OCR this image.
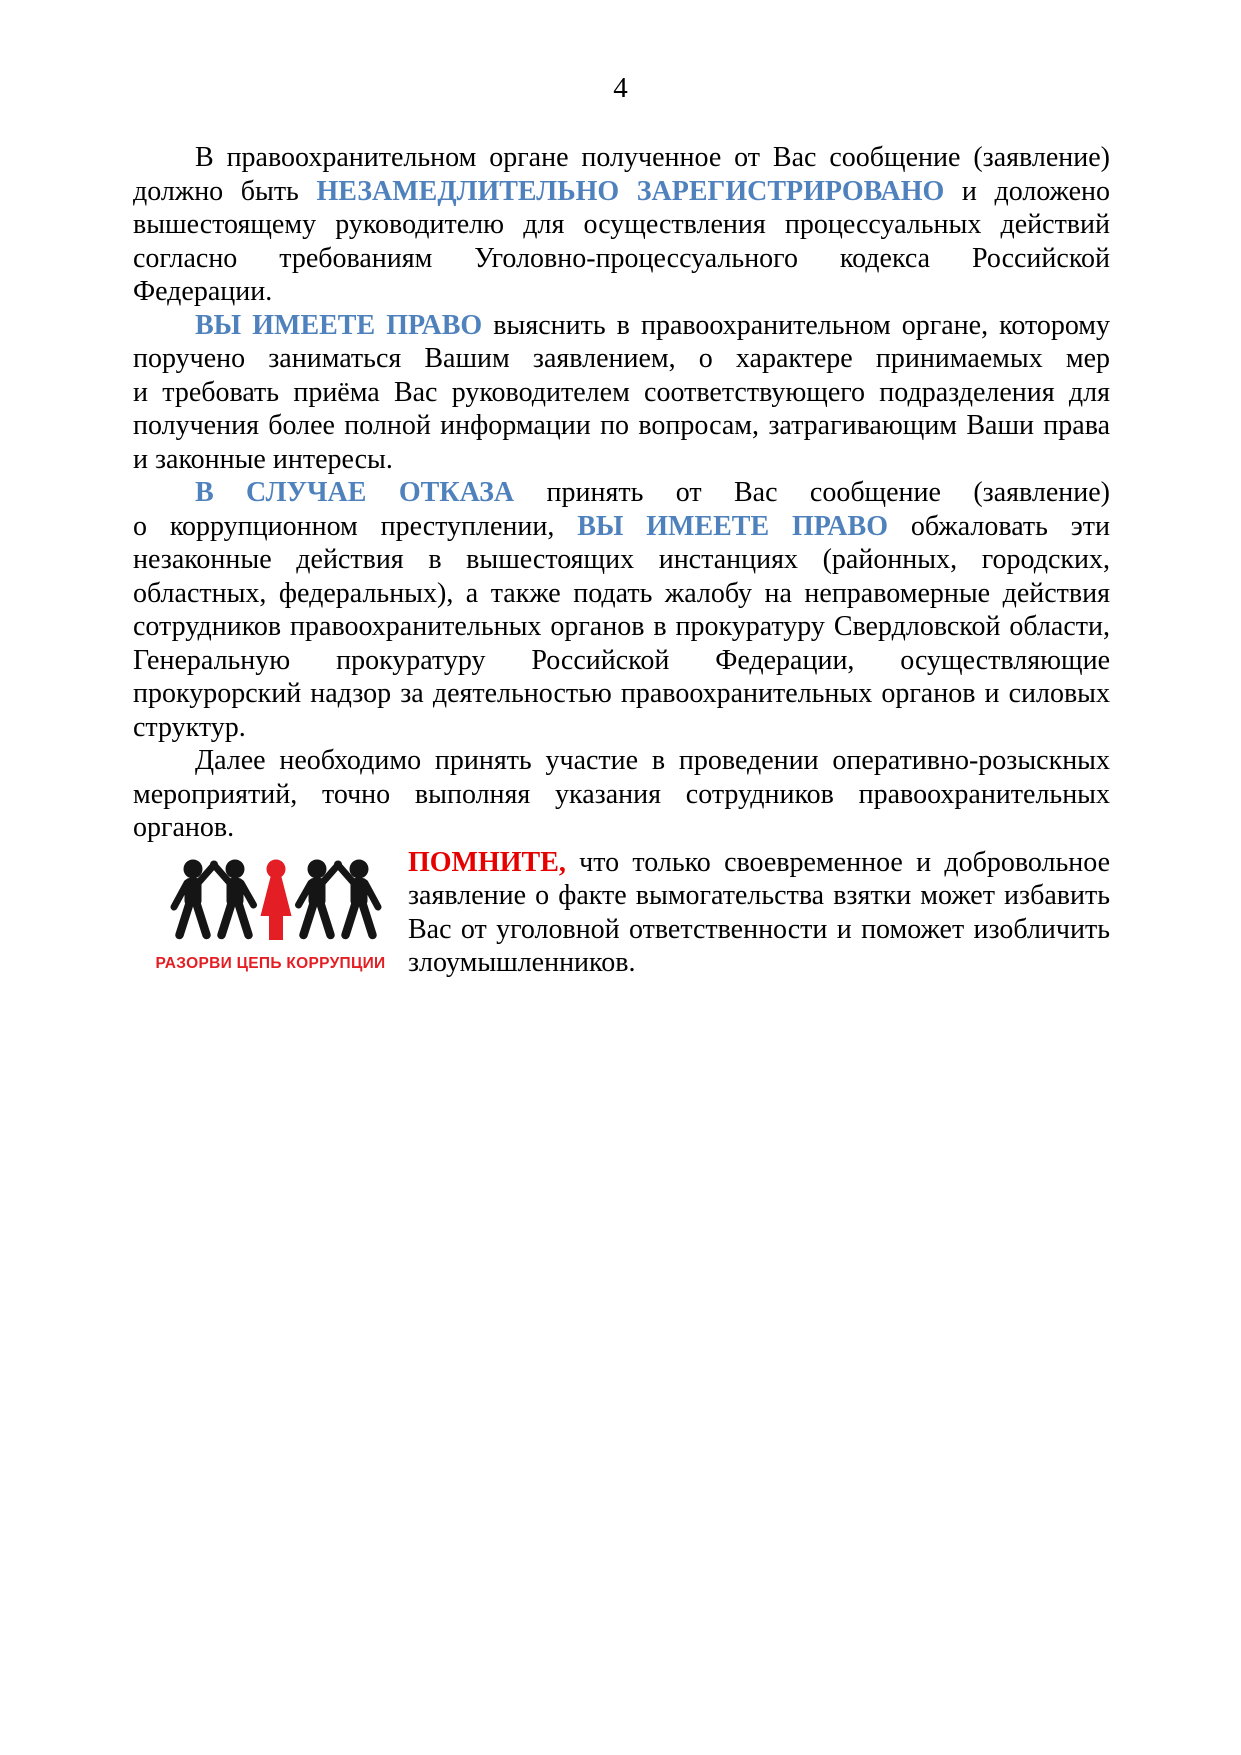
4
В правоохранительном органе полученное от Вас сообщение (заявление)
должно быть НЕЗАМЕДЛИТЕЛЬНО ЗАРЕГИСТРИРОВАНО и доложено
вышестоящему руководителю для осуществления процессуальных действий
согласно требованиям Уголовно-процессуального кодекса Российской
Федерации.
ВЫ ИМЕЕТЕ ПРАВО выяснить в правоохранительном органе, которому
поручено заниматься Вашим заявлением, о характере принимаемых мер
и требовать приёма Вас руководителем соответствующего подразделения для
получения более полной информации по вопросам, затрагивающим Ваши права
и законные интересы.
В СЛУЧАЕ ОТКАЗА принять от Вас сообщение (заявление)
о коррупционном преступлении, ВЫ ИМЕЕТЕ ПРАВО обжаловать эти
незаконные действия в вышестоящих инстанциях (районных, городских,
областных, федеральных), а также подать жалобу на неправомерные действия
сотрудников правоохранительных органов в прокуратуру Свердловской области,
Генеральную прокуратуру Российской Федерации, осуществляющие
прокурорский надзор за деятельностью правоохранительных органов и силовых
структур.
Далее необходимо принять участие в проведении оперативно-розыскных
мероприятий, точно выполняя указания сотрудников правоохранительных
органов.
РАЗОРВИ ЦЕПЬ КОРРУПЦИИ
ПОМНИТЕ, что только своевременное и добровольное
заявление о факте вымогательства взятки может избавить
Вас от уголовной ответственности и поможет изобличить
злоумышленников.
